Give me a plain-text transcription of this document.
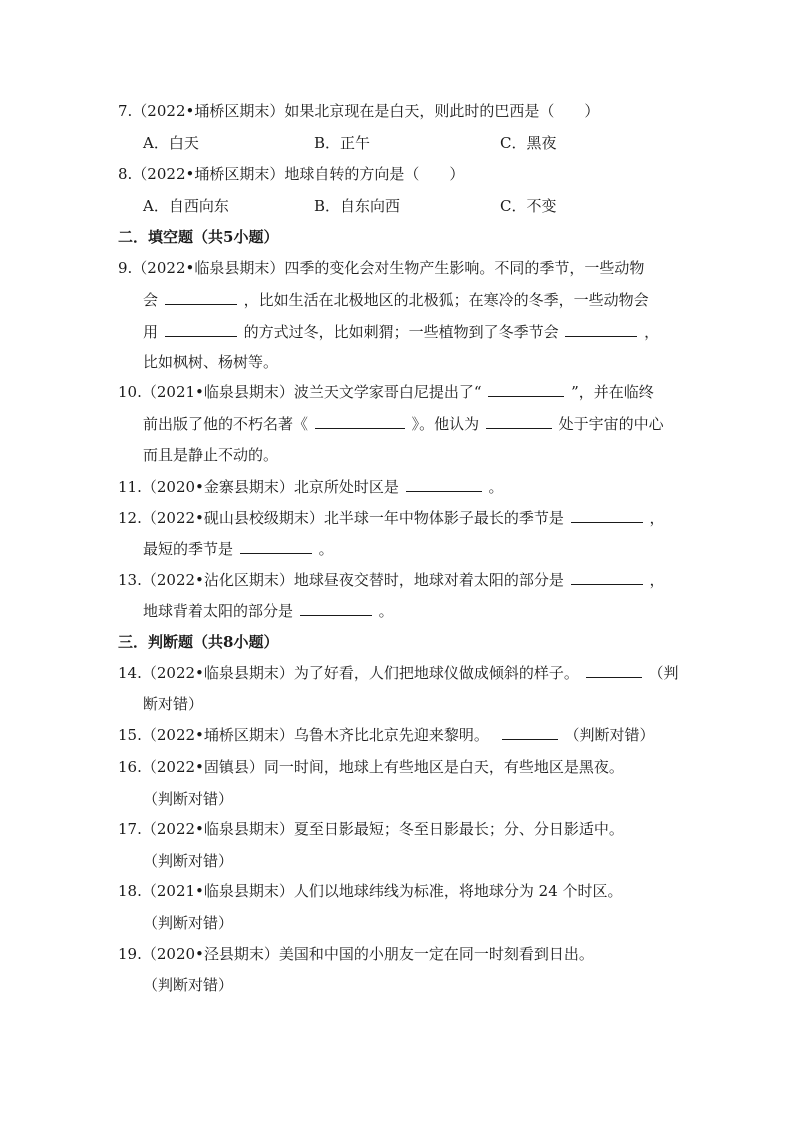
7.（2022•埇桥区期末）如果北京现在是白天，则此时的巴西是（　　）
A．白天	B．正午	C．黑夜
8.（2022•埇桥区期末）地球自转的方向是（　　）
A．自西向东	B．自东向西	C．不变
二．填空题（共5小题）
9.（2022•临泉县期末）四季的变化会对生物产生影响。不同的季节，一些动物
会	，比如生活在北极地区的北极狐；在寒冷的冬季，一些动物会
用	的方式过冬，比如刺猬；一些植物到了冬季节会	，
比如枫树、杨树等。
10.（2021•临泉县期末）波兰天文学家哥白尼提出了“	”，并在临终
前出版了他的不朽名著《	》。他认为	处于宇宙的中心
而且是静止不动的。
11.（2020•金寨县期末）北京所处时区是	。
12.（2022•砚山县校级期末）北半球一年中物体影子最长的季节是	，
最短的季节是	。
13.（2022•沾化区期末）地球昼夜交替时，地球对着太阳的部分是	，
地球背着太阳的部分是	。
三．判断题（共8小题）
14.（2022•临泉县期末）为了好看，人们把地球仪做成倾斜的样子。	（判
断对错）
15.（2022•埇桥区期末）乌鲁木齐比北京先迎来黎明。	（判断对错）
16.（2022•固镇县）同一时间，地球上有些地区是白天，有些地区是黑夜。
（判断对错）
17.（2022•临泉县期末）夏至日影最短；冬至日影最长；分、分日影适中。
（判断对错）
18.（2021•临泉县期末）人们以地球纬线为标准，将地球分为 24 个时区。
（判断对错）
19.（2020•泾县期末）美国和中国的小朋友一定在同一时刻看到日出。
（判断对错）
